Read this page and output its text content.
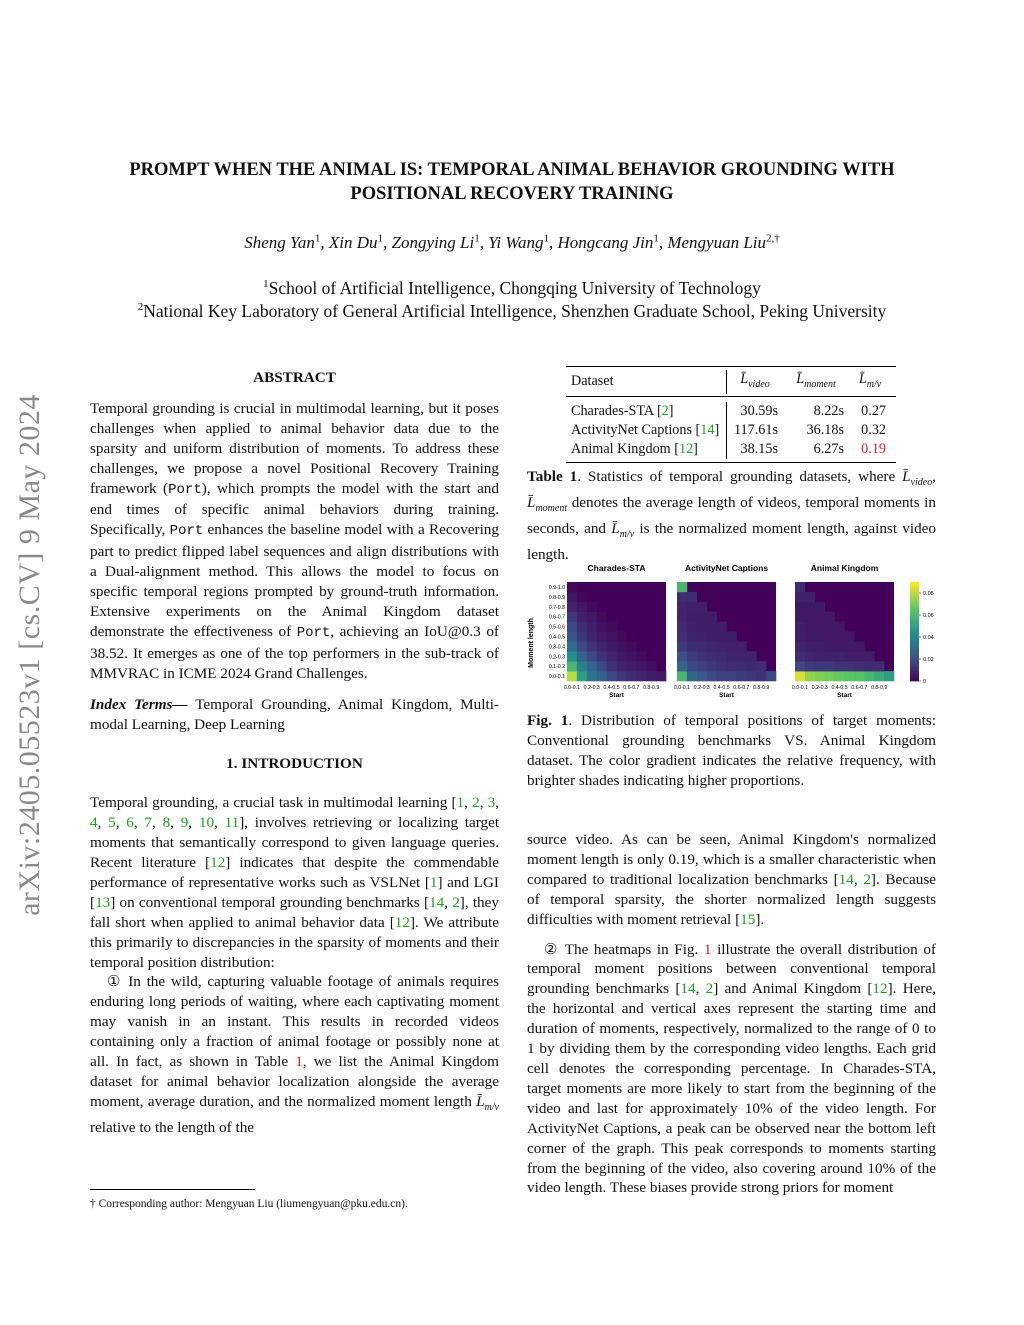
arXiv:2405.05523v1 [cs.CV] 9 May 2024
PROMPT WHEN THE ANIMAL IS: TEMPORAL ANIMAL BEHAVIOR GROUNDING WITH
POSITIONAL RECOVERY TRAINING
Sheng Yan$^1$, Xin Du$^1$, Zongying Li$^1$, Yi Wang$^1$, Hongcang Jin$^1$, Mengyuan Liu$^{2,\dagger}$
$^1$School of Artificial Intelligence, Chongqing University of Technology
$^2$National Key Laboratory of General Artificial Intelligence, Shenzhen Graduate School, Peking University

ABSTRACT

Temporal grounding is crucial in multimodal learning, but it poses challenges when applied to animal behavior data due to the sparsity and uniform distribution of moments. To address these challenges, we propose a novel Positional Recovery Training framework (Port), which prompts the model with the start and end times of specific animal behaviors during training. Specifically, Port enhances the baseline model with a Recovering part to predict flipped label sequences and align distributions with a Dual-alignment method. This allows the model to focus on specific temporal regions prompted by ground-truth information. Extensive experiments on the Animal Kingdom dataset demonstrate the effectiveness of Port, achieving an IoU@0.3 of 38.52. It emerges as one of the top performers in the sub-track of MMVRAC in ICME 2024 Grand Challenges.

Index Terms— Temporal Grounding, Animal Kingdom, Multi-modal Learning, Deep Learning

1. INTRODUCTION

Temporal grounding, a crucial task in multimodal learning [1, 2, 3, 4, 5, 6, 7, 8, 9, 10, 11], involves retrieving or localizing target moments that semantically correspond to given language queries. Recent literature [12] indicates that despite the commendable performance of representative works such as VSLNet [1] and LGI [13] on conventional temporal grounding benchmarks [14, 2], they fall short when applied to animal behavior data [12]. We attribute this primarily to discrepancies in the sparsity of moments and their temporal position distribution:

① In the wild, capturing valuable footage of animals requires enduring long periods of waiting, where each captivating moment may vanish in an instant. This results in recorded videos containing only a fraction of animal footage or possibly none at all. In fact, as shown in Table 1, we list the Animal Kingdom dataset for animal behavior localization alongside the average moment, average duration, and the normalized moment length $L̄_{m/v}$ relative to the length of the

† Corresponding author: Mengyuan Liu (liumengyuan@pku.edu.cn).
Dataset	$L̄_{video}$	$L̄_{moment}$	$L̄_{m/v}$
Charades-STA [2]	30.59s	8.22s	0.27
ActivityNet Captions [14]	117.61s	36.18s	0.32
Animal Kingdom [12]	38.15s	6.27s	0.19

Table 1. Statistics of temporal grounding datasets, where $L̄_{video}$, $L̄_{moment}$ denotes the average length of videos, temporal moments in seconds, and $L̄_{m/v}$ is the normalized moment length, against video length.

Moment length
0.9-1.0
0.8-0.9
0.7-0.8
0.6-0.7
0.5-0.6
0.4-0.5
0.3-0.4
0.2-0.3
0.1-0.2
0.0-0.1
Charades-STA
0.0-0.1 0.2-0.3 0.4-0.5 0.6-0.7 0.8-0.9
Start
ActivityNet Captions
0.0-0.1 0.2-0.3 0.4-0.5 0.6-0.7 0.8-0.9
Start
Animal Kingdom
0.0-0.1 0.2-0.3 0.4-0.5 0.6-0.7 0.8-0.9
Start
0.08
0.06
0.04
0.02
0

Fig. 1. Distribution of temporal positions of target moments: Conventional grounding benchmarks VS. Animal Kingdom dataset. The color gradient indicates the relative frequency, with brighter shades indicating higher proportions.

source video. As can be seen, Animal Kingdom's normalized moment length is only 0.19, which is a smaller characteristic when compared to traditional localization benchmarks [14, 2]. Because of temporal sparsity, the shorter normalized length suggests difficulties with moment retrieval [15].

② The heatmaps in Fig. 1 illustrate the overall distribution of temporal moment positions between conventional temporal grounding benchmarks [14, 2] and Animal Kingdom [12]. Here, the horizontal and vertical axes represent the starting time and duration of moments, respectively, normalized to the range of 0 to 1 by dividing them by the corresponding video lengths. Each grid cell denotes the corresponding percentage. In Charades-STA, target moments are more likely to start from the beginning of the video and last for approximately 10% of the video length. For ActivityNet Captions, a peak can be observed near the bottom left corner of the graph. This peak corresponds to moments starting from the beginning of the video, also covering around 10% of the video length. These biases provide strong priors for moment
